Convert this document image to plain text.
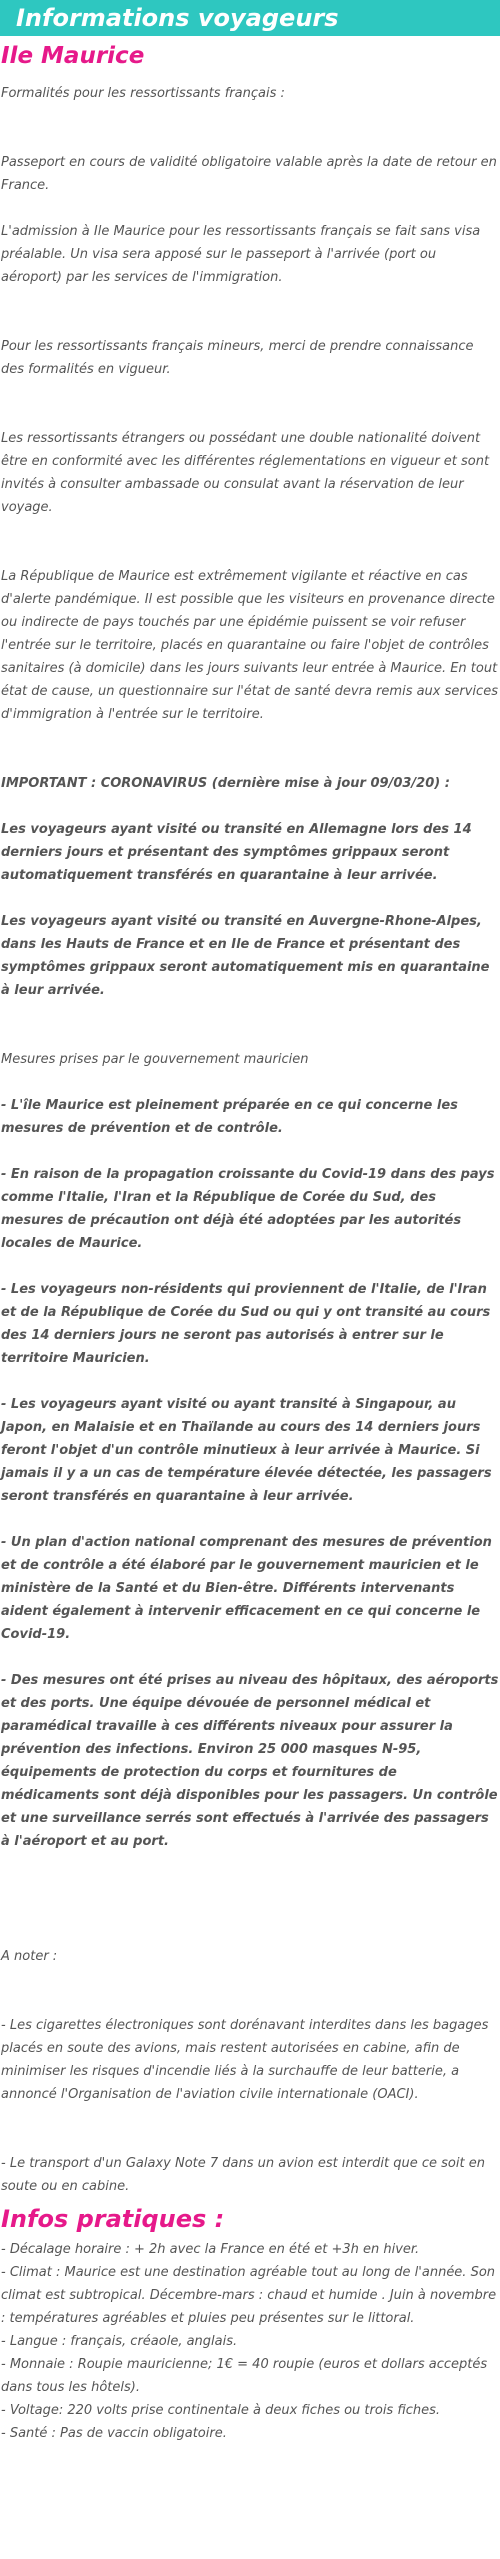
Informations voyageurs
Ile Maurice

Formalités pour les ressortissants français :

Passeport en cours de validité obligatoire valable après la date de retour en France.

L'admission à Ile Maurice pour les ressortissants français se fait sans visa préalable. Un visa sera apposé sur le passeport à l'arrivée (port ou aéroport) par les services de l'immigration.

Pour les ressortissants français mineurs, merci de prendre connaissance des formalités en vigueur.

Les ressortissants étrangers ou possédant une double nationalité doivent être en conformité avec les différentes réglementations en vigueur et sont invités à consulter ambassade ou consulat avant la réservation de leur voyage.

La République de Maurice est extrêmement vigilante et réactive en cas d'alerte pandémique. Il est possible que les visiteurs en provenance directe ou indirecte de pays touchés par une épidémie puissent se voir refuser l'entrée sur le territoire, placés en quarantaine ou faire l'objet de contrôles sanitaires (à domicile) dans les jours suivants leur entrée à Maurice. En tout état de cause, un questionnaire sur l'état de santé devra remis aux services d'immigration à l'entrée sur le territoire.

IMPORTANT : CORONAVIRUS (dernière mise à jour 09/03/20) :

Les voyageurs ayant visité ou transité en Allemagne lors des 14 derniers jours et présentant des symptômes grippaux seront automatiquement transférés en quarantaine à leur arrivée.

Les voyageurs ayant visité ou transité en Auvergne-Rhone-Alpes, dans les Hauts de France et en Ile de France et présentant des symptômes grippaux seront automatiquement mis en quarantaine à leur arrivée.

Mesures prises par le gouvernement mauricien

- L'île Maurice est pleinement préparée en ce qui concerne les mesures de prévention et de contrôle.

- En raison de la propagation croissante du Covid-19 dans des pays comme l'Italie, l'Iran et la République de Corée du Sud, des mesures de précaution ont déjà été adoptées par les autorités locales de Maurice.

- Les voyageurs non-résidents qui proviennent de l'Italie, de l'Iran et de la République de Corée du Sud ou qui y ont transité au cours des 14 derniers jours ne seront pas autorisés à entrer sur le territoire Mauricien.

- Les voyageurs ayant visité ou ayant transité à Singapour, au Japon, en Malaisie et en Thaïlande au cours des 14 derniers jours feront l'objet d'un contrôle minutieux à leur arrivée à Maurice. Si jamais il y a un cas de température élevée détectée, les passagers seront transférés en quarantaine à leur arrivée.

- Un plan d'action national comprenant des mesures de prévention et de contrôle a été élaboré par le gouvernement mauricien et le ministère de la Santé et du Bien-être. Différents intervenants aident également à intervenir efficacement en ce qui concerne le Covid-19.

- Des mesures ont été prises au niveau des hôpitaux, des aéroports et des ports. Une équipe dévouée de personnel médical et paramédical travaille à ces différents niveaux pour assurer la prévention des infections. Environ 25 000 masques N-95, équipements de protection du corps et fournitures de médicaments sont déjà disponibles pour les passagers. Un contrôle et une surveillance serrés sont effectués à l'arrivée des passagers à l'aéroport et au port.

A noter :

- Les cigarettes électroniques sont dorénavant interdites dans les bagages placés en soute des avions, mais restent autorisées en cabine, afin de minimiser les risques d'incendie liés à la surchauffe de leur batterie, a annoncé l'Organisation de l'aviation civile internationale (OACI).

- Le transport d'un Galaxy Note 7 dans un avion est interdit que ce soit en soute ou en cabine.

Infos pratiques :
- Décalage horaire : + 2h avec la France en été et +3h en hiver.
- Climat : Maurice est une destination agréable tout au long de l'année. Son climat est subtropical. Décembre-mars : chaud et humide . Juin à novembre : températures agréables et pluies peu présentes sur le littoral.
- Langue : français, créaole, anglais.
- Monnaie : Roupie mauricienne; 1€ = 40 roupie (euros et dollars acceptés dans tous les hôtels).
- Voltage: 220 volts prise continentale à deux fiches ou trois fiches.
- Santé : Pas de vaccin obligatoire.
